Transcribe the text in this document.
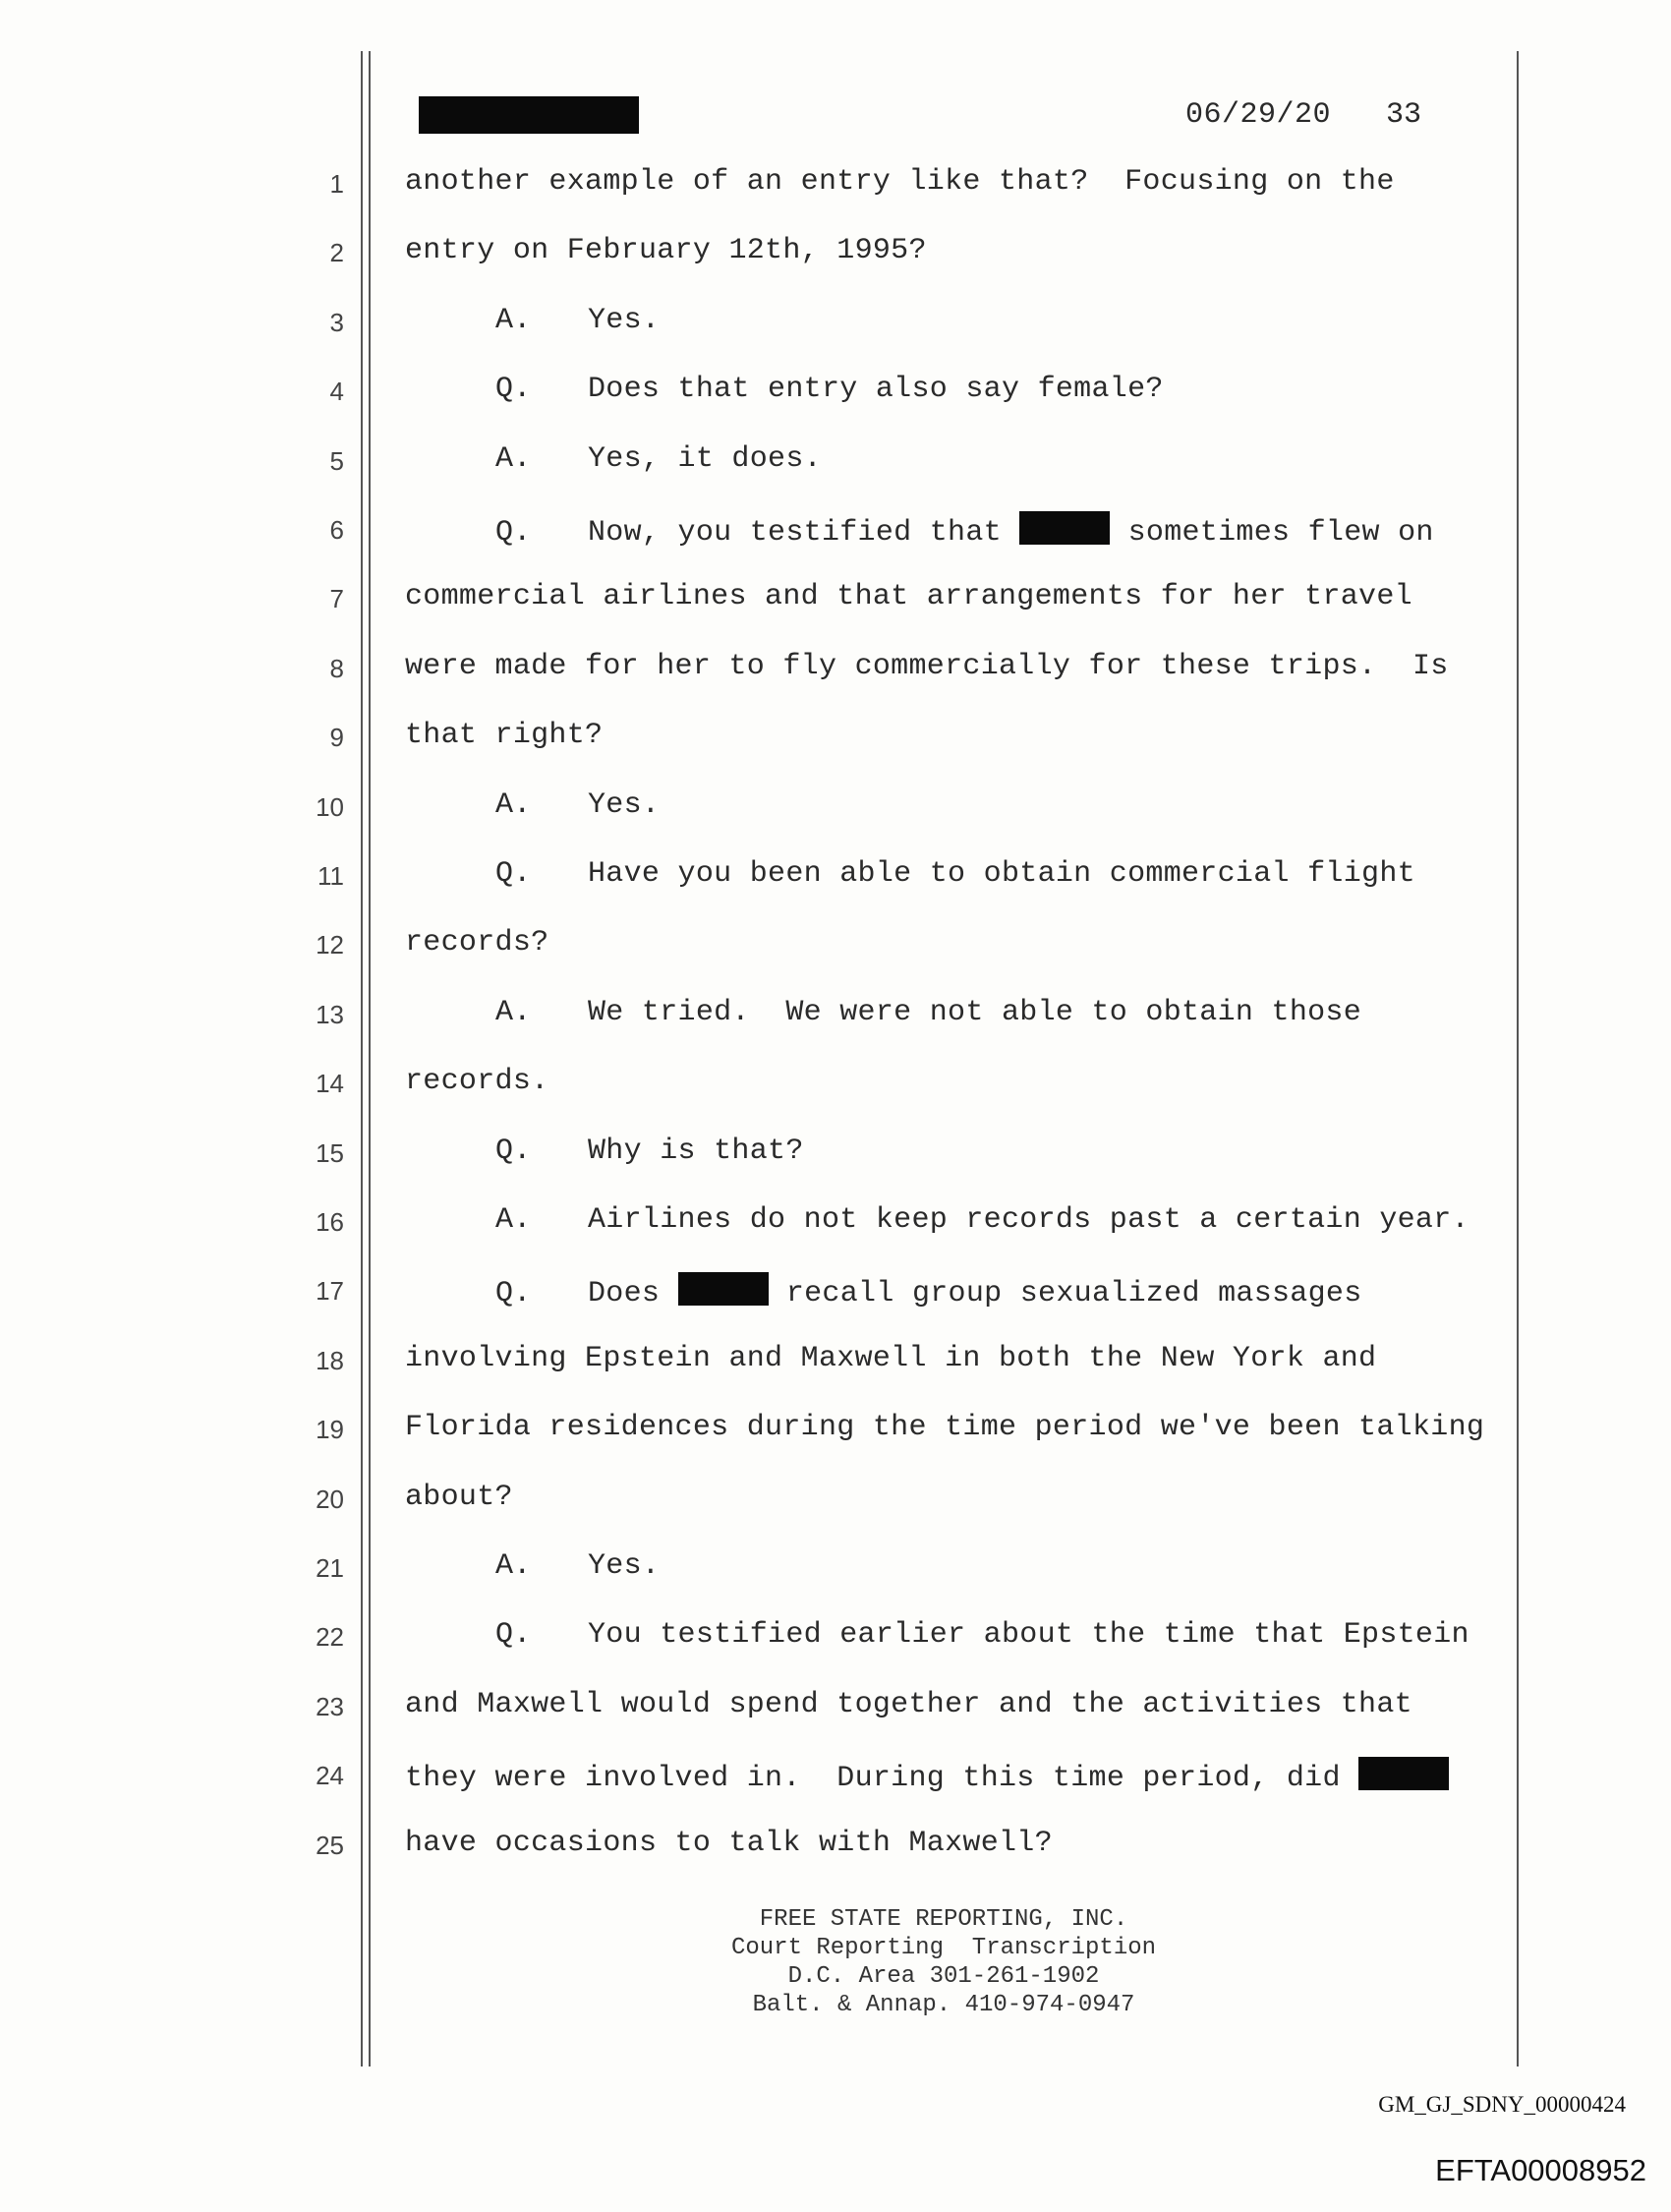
06/29/20 33
1 another example of an entry like that?  Focusing on the
2 entry on February 12th, 1995?
3	A. Yes.
4	Q. Does that entry also say female?
5	A. Yes, it does.
6	Q. Now, you testified that	sometimes flew on
7 commercial airlines and that arrangements for her travel
8 were made for her to fly commercially for these trips.  Is
9 that right?
10	A. Yes.
11	Q. Have you been able to obtain commercial flight
12 records?
13	A. We tried.  We were not able to obtain those
14 records.
15	Q. Why is that?
16	A. Airlines do not keep records past a certain year.
17	Q. Does	recall group sexualized massages
18 involving Epstein and Maxwell in both the New York and
19 Florida residences during the time period we've been talking
20 about?
21	A. Yes.
22	Q. You testified earlier about the time that Epstein
23 and Maxwell would spend together and the activities that
24 they were involved in.  During this time period, did
25 have occasions to talk with Maxwell?
FREE STATE REPORTING, INC.
Court Reporting  Transcription
D.C. Area 301-261-1902
Balt. & Annap. 410-974-0947
GM_GJ_SDNY_00000424
EFTA00008952
